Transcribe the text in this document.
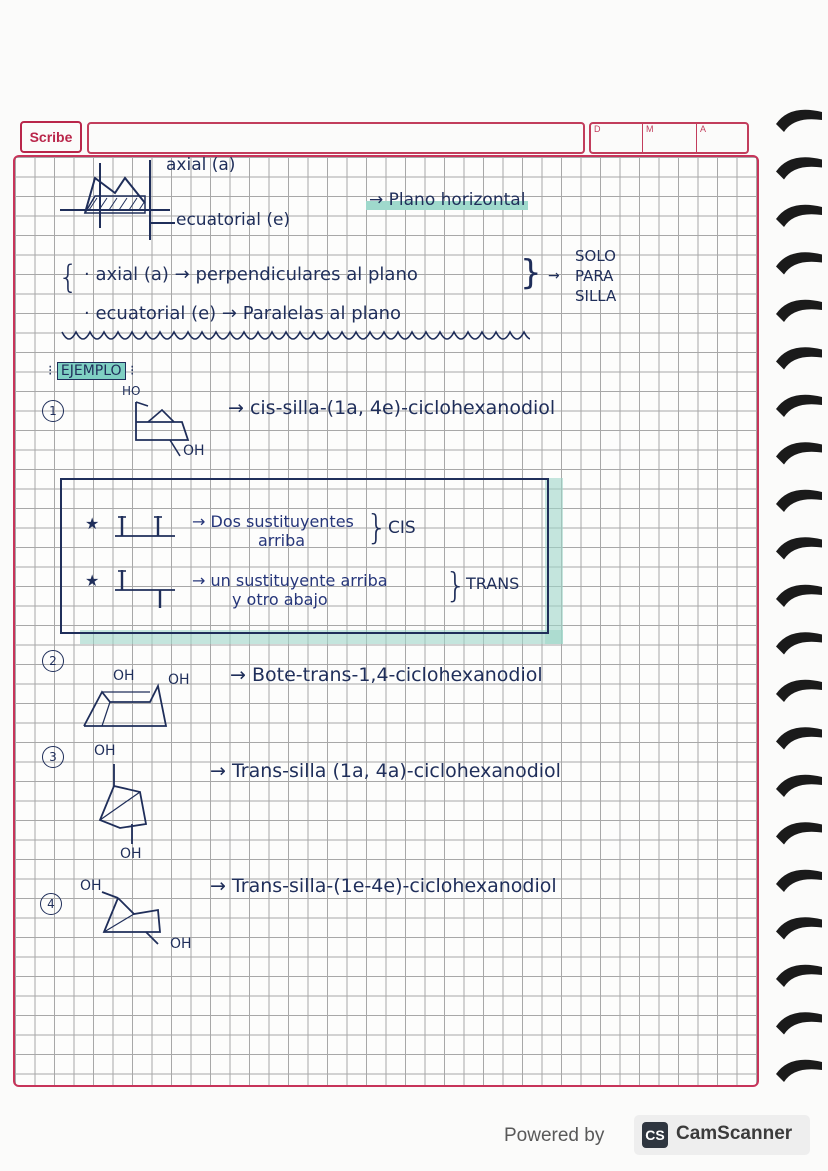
Scribe	D	M	A
axial (a)
→ Plano horizontal
ecuatorial (e)
{ · axial (a) → perpendiculares al plano
· ecuatorial (e) → Paralelas al plano
} →
SOLO
PARA
SILLA
⁝ EJEMPLO ⁝
1
HO
OH
→ cis-silla-(1a, 4e)-ciclohexanodiol
★	→ Dos sustituyentes
arriba	} CIS
★	→ un sustituyente arriba
y otro abajo	} TRANS
2
OH OH → Bote-trans-1,4-ciclohexanodiol
3	OH
OH
→ Trans-silla (1a, 4a)-ciclohexanodiol
4
OH
OH
→ Trans-silla-(1e-4e)-ciclohexanodiol
Powered by	CS CamScanner
